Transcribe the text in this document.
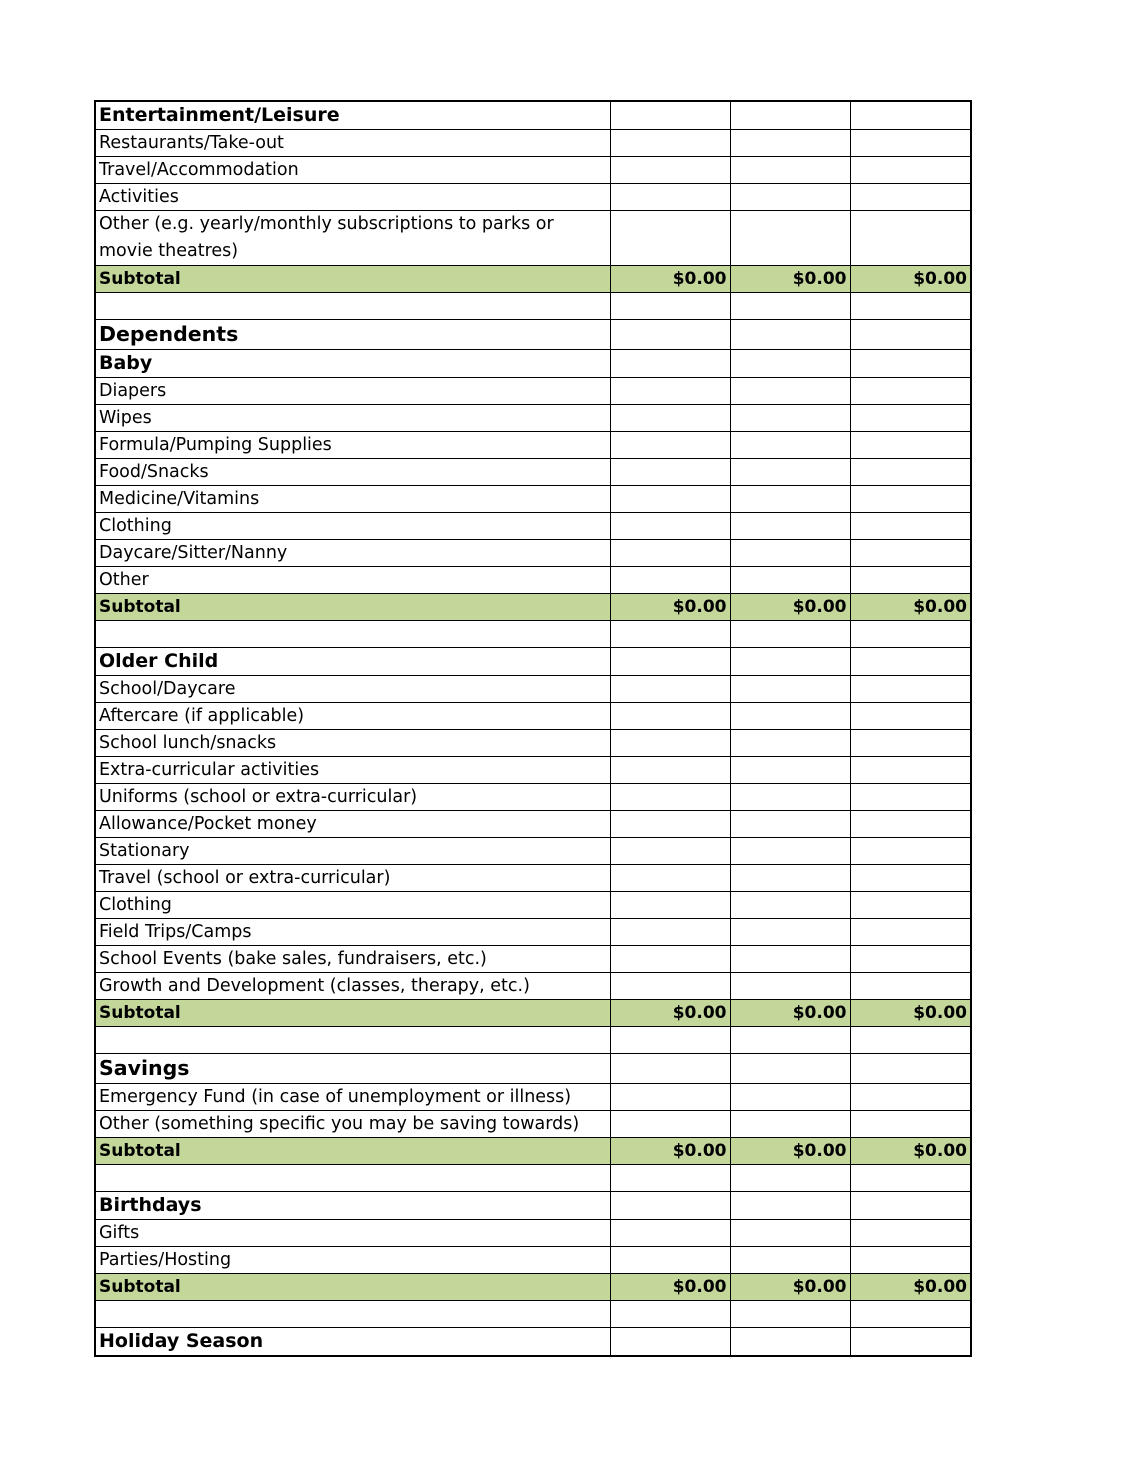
Entertainment/Leisure			
Restaurants/Take-out			
Travel/Accommodation			
Activities			
Other (e.g. yearly/monthly subscriptions to parks or movie theatres)			
Subtotal	$0.00	$0.00	$0.00

Dependents			
Baby			
Diapers			
Wipes			
Formula/Pumping Supplies			
Food/Snacks			
Medicine/Vitamins			
Clothing			
Daycare/Sitter/Nanny			
Other			
Subtotal	$0.00	$0.00	$0.00

Older Child			
School/Daycare			
Aftercare (if applicable)			
School lunch/snacks			
Extra-curricular activities			
Uniforms (school or extra-curricular)			
Allowance/Pocket money			
Stationary			
Travel (school or extra-curricular)			
Clothing			
Field Trips/Camps			
School Events (bake sales, fundraisers, etc.)			
Growth and Development (classes, therapy, etc.)			
Subtotal	$0.00	$0.00	$0.00

Savings			
Emergency Fund (in case of unemployment or illness)			
Other (something specific you may be saving towards)			
Subtotal	$0.00	$0.00	$0.00

Birthdays			
Gifts			
Parties/Hosting			
Subtotal	$0.00	$0.00	$0.00

Holiday Season			
